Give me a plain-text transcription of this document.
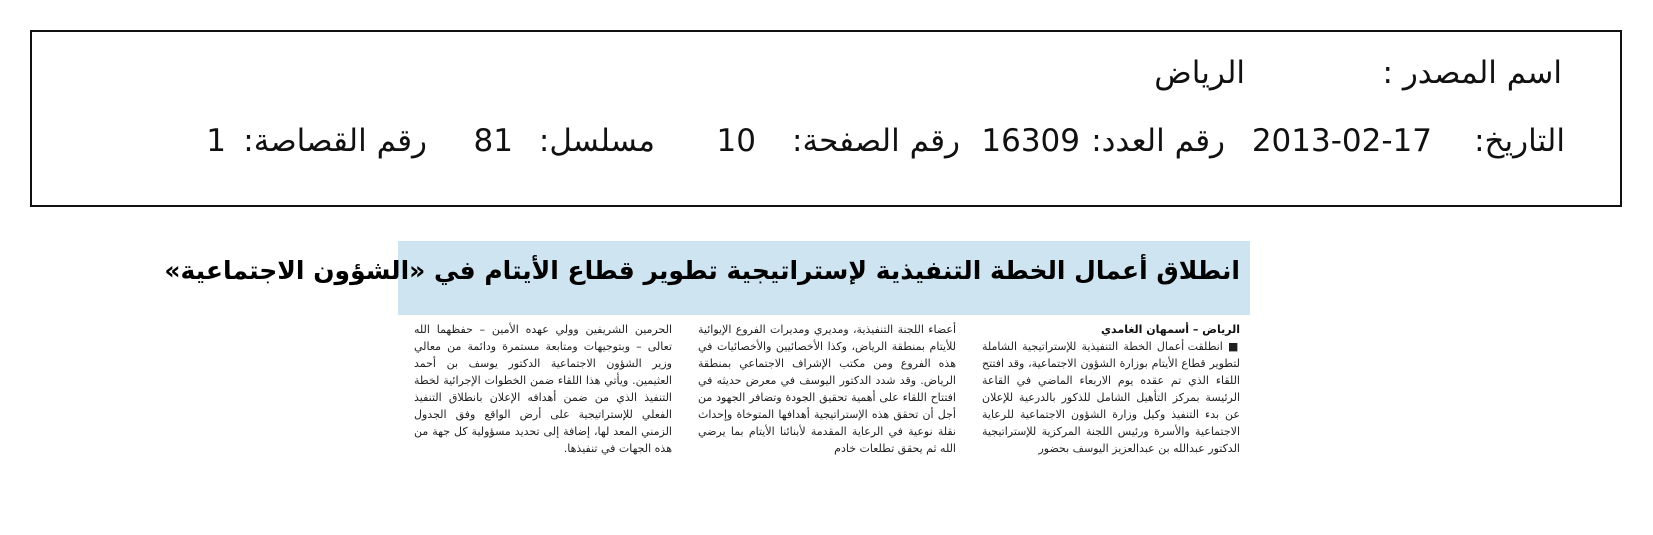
اسم المصدر :
الرياض
التاريخ:
2013-02-17
رقم العدد:
16309
رقم الصفحة:
10
مسلسل:
81
رقم القصاصة:
1
انطلاق أعمال الخطة التنفيذية لإستراتيجية تطوير قطاع الأيتام في «الشؤون الاجتماعية»
الرياض – أسمهان الغامدي
■ انطلقت أعمال الخطة التنفيذية للإستراتيجية الشاملة لتطوير قطاع الأيتام بوزارة الشؤون الاجتماعية، وقد افتتح اللقاء الذي تم عقده يوم الاربعاء الماضي في القاعة الرئيسة بمركز التأهيل الشامل للذكور بالدرعية للإعلان عن بدء التنفيذ وكيل وزارة الشؤون الاجتماعية للرعاية الاجتماعية والأسرة ورئيس اللجنة المركزية للإستراتيجية الدكتور عبدالله بن عبدالعزيز اليوسف بحضور
أعضاء اللجنة التنفيذية، ومديري ومديرات الفروع الإيوائية للأيتام بمنطقة الرياض، وكذا الأخصائيين والأخصائيات في هذه الفروع ومن مكتب الإشراف الاجتماعي بمنطقة الرياض. وقد شدد الدكتور اليوسف في معرض حديثه في افتتاح اللقاء على أهمية تحقيق الجودة وتضافر الجهود من أجل أن تحقق هذه الإستراتيجية أهدافها المتوخاة وإحداث نقلة نوعية في الرعاية المقدمة لأبنائنا الأيتام بما يرضي الله ثم يحقق تطلعات خادم
الحرمين الشريفين وولي عهده الأمين – حفظهما الله تعالى – وبتوجيهات ومتابعة مستمرة ودائمة من معالي وزير الشؤون الاجتماعية الدكتور يوسف بن أحمد العثيمين. ويأتي هذا اللقاء ضمن الخطوات الإجرائية لخطة التنفيذ الذي من ضمن أهدافه الإعلان بانطلاق التنفيذ الفعلي للإستراتيجية على أرض الواقع وفق الجدول الزمني المعد لها، إضافة إلى تحديد مسؤولية كل جهة من هذه الجهات في تنفيذها.
